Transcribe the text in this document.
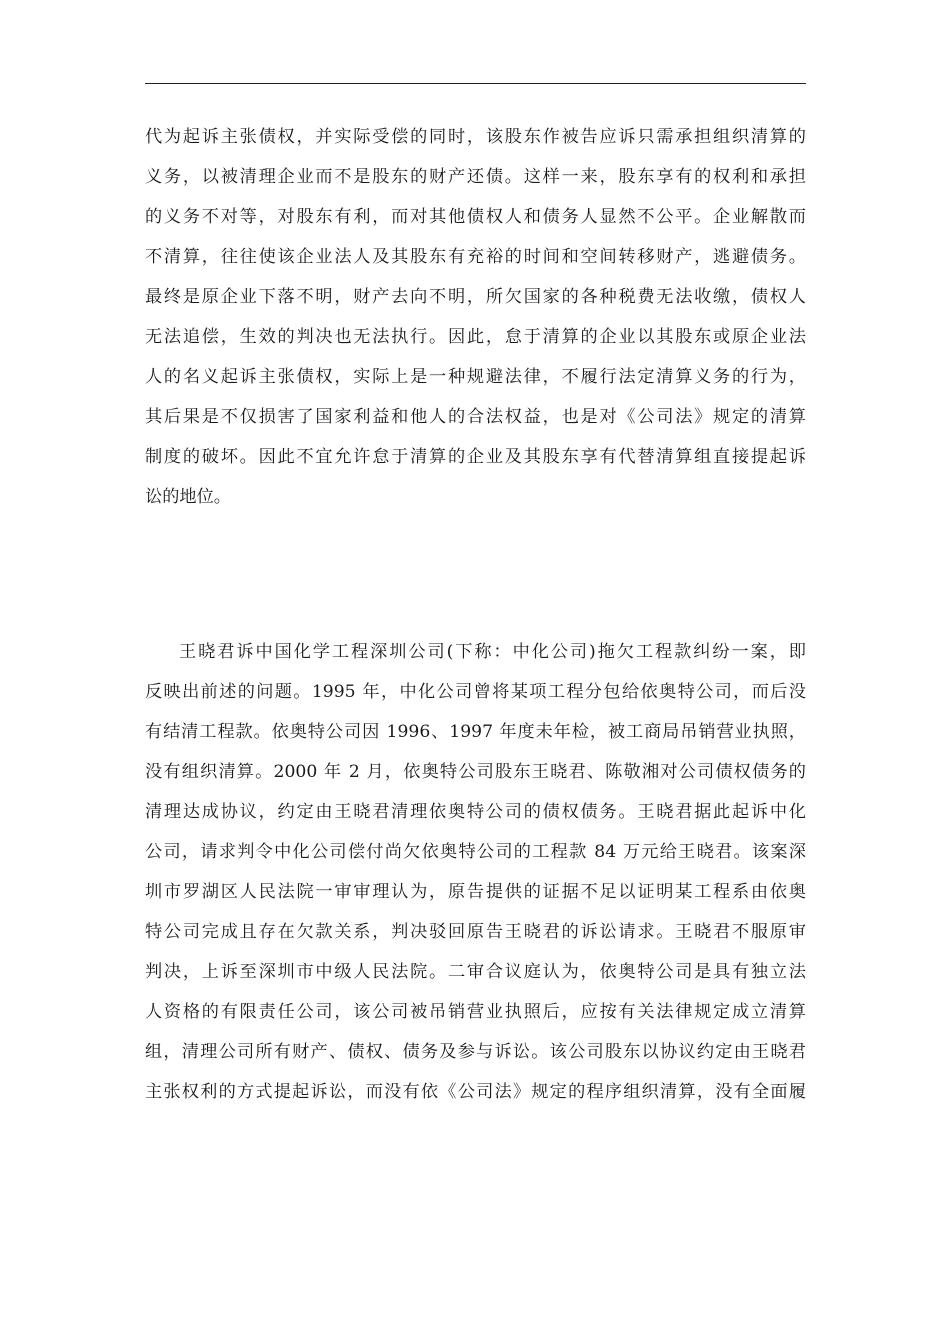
代为起诉主张债权，并实际受偿的同时，该股东作被告应诉只需承担组织清算的
义务，以被清理企业而不是股东的财产还债。这样一来，股东享有的权利和承担
的义务不对等，对股东有利，而对其他债权人和债务人显然不公平。企业解散而
不清算，往往使该企业法人及其股东有充裕的时间和空间转移财产，逃避债务。
最终是原企业下落不明，财产去向不明，所欠国家的各种税费无法收缴，债权人
无法追偿，生效的判决也无法执行。因此，怠于清算的企业以其股东或原企业法
人的名义起诉主张债权，实际上是一种规避法律，不履行法定清算义务的行为，
其后果是不仅损害了国家利益和他人的合法权益，也是对《公司法》规定的清算
制度的破坏。因此不宜允许怠于清算的企业及其股东享有代替清算组直接提起诉
讼的地位。
王晓君诉中国化学工程深圳公司(下称：中化公司)拖欠工程款纠纷一案，即
反映出前述的问题。1995 年，中化公司曾将某项工程分包给依奥特公司，而后没
有结清工程款。依奥特公司因 1996、1997 年度未年检，被工商局吊销营业执照，
没有组织清算。2000 年 2 月，依奥特公司股东王晓君、陈敬湘对公司债权债务的
清理达成协议，约定由王晓君清理依奥特公司的债权债务。王晓君据此起诉中化
公司，请求判令中化公司偿付尚欠依奥特公司的工程款 84 万元给王晓君。该案深
圳市罗湖区人民法院一审审理认为，原告提供的证据不足以证明某工程系由依奥
特公司完成且存在欠款关系，判决驳回原告王晓君的诉讼请求。王晓君不服原审
判决，上诉至深圳市中级人民法院。二审合议庭认为，依奥特公司是具有独立法
人资格的有限责任公司，该公司被吊销营业执照后，应按有关法律规定成立清算
组，清理公司所有财产、债权、债务及参与诉讼。该公司股东以协议约定由王晓君
主张权利的方式提起诉讼，而没有依《公司法》规定的程序组织清算，没有全面履
